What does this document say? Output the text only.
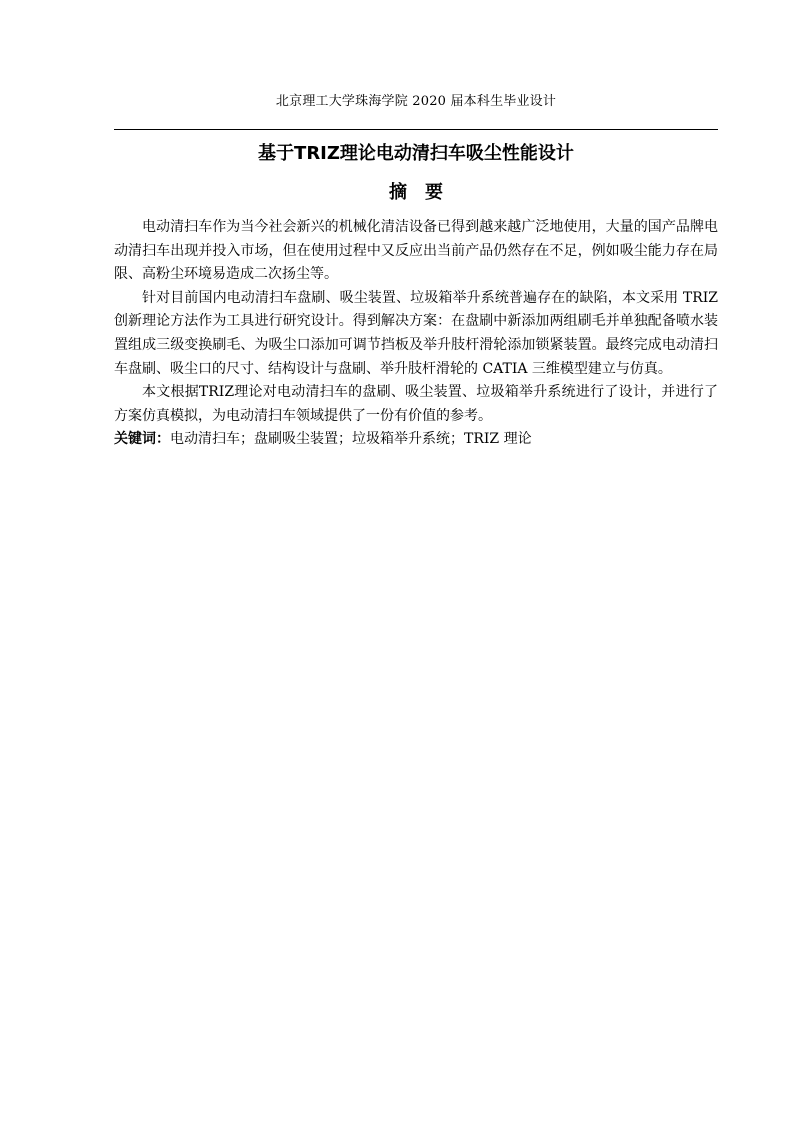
北京理工大学珠海学院 2020 届本科生毕业设计
基于TRIZ理论电动清扫车吸尘性能设计
摘要

电动清扫车作为当今社会新兴的机械化清洁设备已得到越来越广泛地使用，大量的国产品牌电动清扫车出现并投入市场，但在使用过程中又反应出当前产品仍然存在不足，例如吸尘能力存在局限、高粉尘环境易造成二次扬尘等。

针对目前国内电动清扫车盘刷、吸尘装置、垃圾箱举升系统普遍存在的缺陷，本文采用 TRIZ 创新理论方法作为工具进行研究设计。得到解决方案：在盘刷中新添加两组刷毛并单独配备喷水装置组成三级变换刷毛、为吸尘口添加可调节挡板及举升肢杆滑轮添加锁紧装置。最终完成电动清扫车盘刷、吸尘口的尺寸、结构设计与盘刷、举升肢杆滑轮的 CATIA 三维模型建立与仿真。

本文根据TRIZ理论对电动清扫车的盘刷、吸尘装置、垃圾箱举升系统进行了设计，并进行了方案仿真模拟，为电动清扫车领域提供了一份有价值的参考。

关键词：电动清扫车；盘刷吸尘装置；垃圾箱举升系统；TRIZ 理论
